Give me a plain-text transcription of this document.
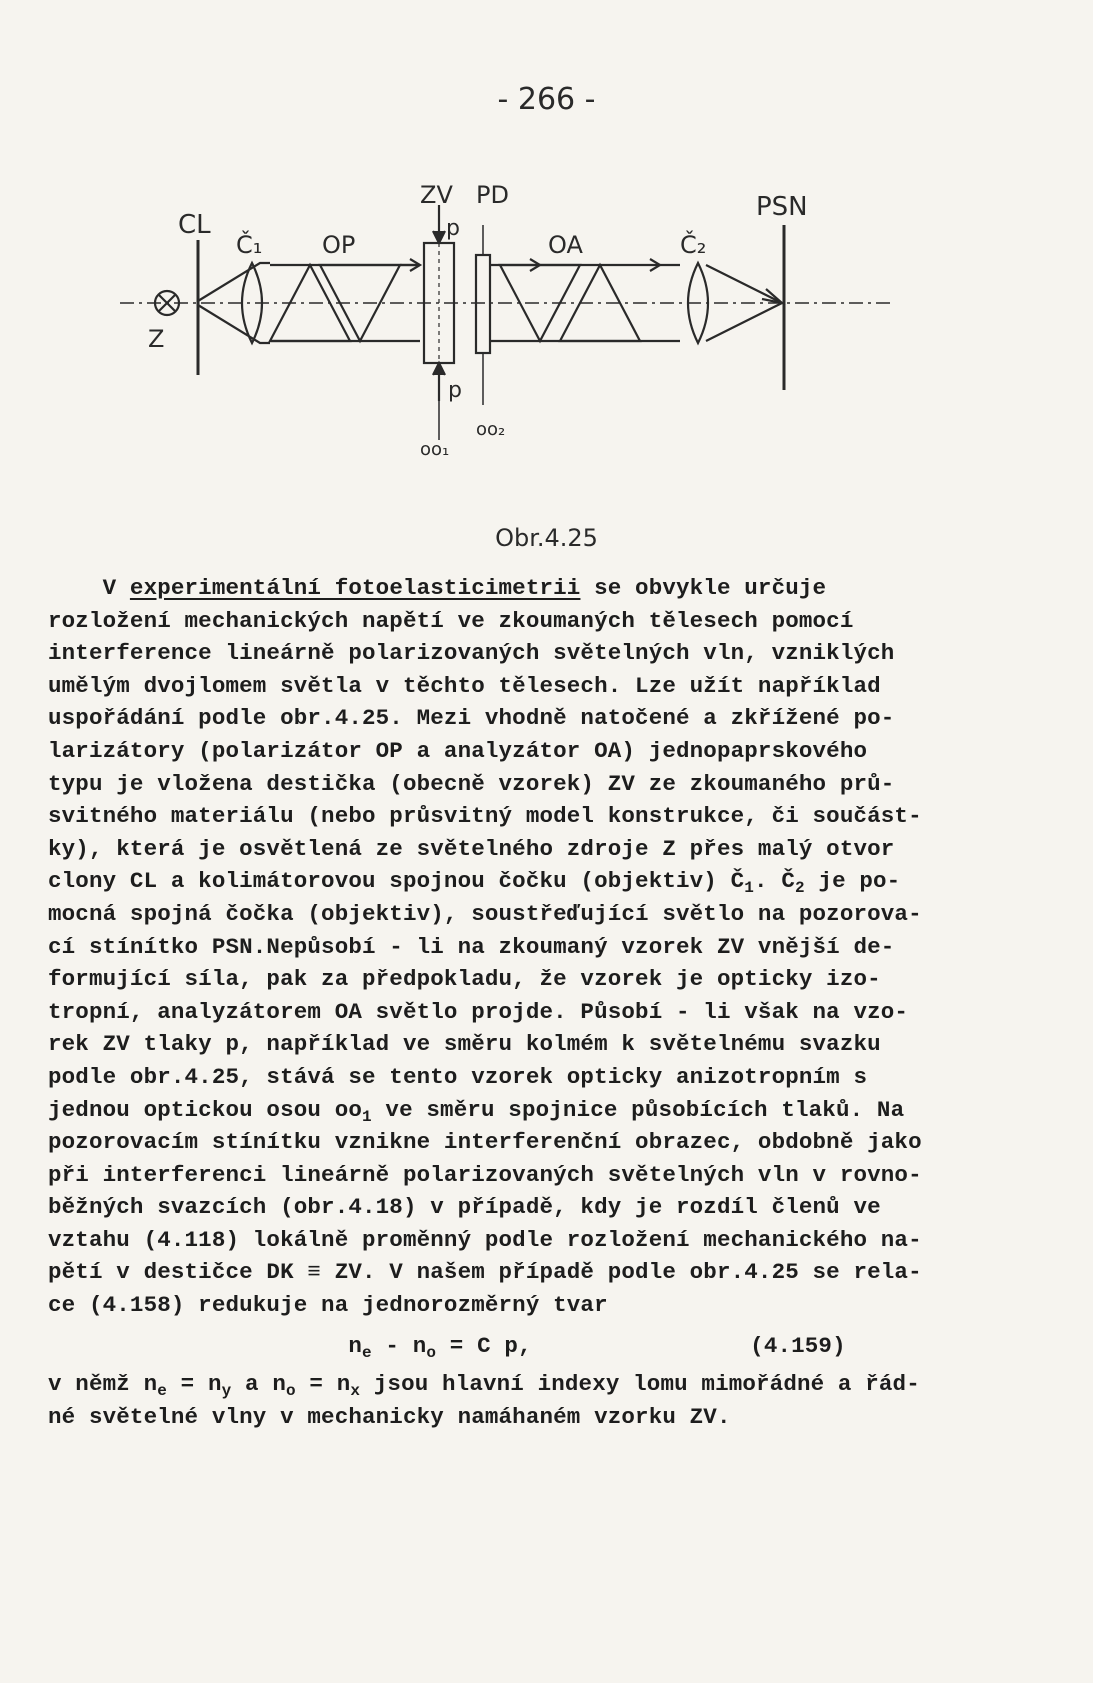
- 266 -
CL
Č₁ OP
ZV PD
p
OA	Č₂
PSN
Z
p
oo₁
oo₂
Obr.4.25
V experimentální fotoelasticimetrii se obvykle určuje
rozložení mechanických napětí ve zkoumaných tělesech pomocí
interference lineárně polarizovaných světelných vln, vzniklých
umělým dvojlomem světla v těchto tělesech. Lze užít například
uspořádání podle obr.4.25. Mezi vhodně natočené a zkřížené po-
larizátory (polarizátor OP a analyzátor OA) jednopaprskového
typu je vložena destička (obecně vzorek) ZV ze zkoumaného prů-
svitného materiálu (nebo průsvitný model konstrukce, či součást-
ky), která je osvětlená ze světelného zdroje Z přes malý otvor
clony CL a kolimátorovou spojnou čočku (objektiv) $Č_1$. $Č_2$ je po-
mocná spojná čočka (objektiv), soustřeďující světlo na pozorova-
cí stínítko PSN.Nepůsobí - li na zkoumaný vzorek ZV vnější de-
formující síla, pak za předpokladu, že vzorek je opticky izo-
tropní, analyzátorem OA světlo projde. Působí - li však na vzo-
rek ZV tlaky p, například ve směru kolmém k světelnému svazku
podle obr.4.25, stává se tento vzorek opticky anizotropním s
jednou optickou osou $oo_1$ ve směru spojnice působících tlaků. Na
pozorovacím stínítku vznikne interferenční obrazec, obdobně jako
při interferenci lineárně polarizovaných světelných vln v rovno-
běžných svazcích (obr.4.18) v případě, kdy je rozdíl členů ve
vztahu (4.118) lokálně proměnný podle rozložení mechanického na-
pětí v destičce DK ≡ ZV. V našem případě podle obr.4.25 se rela-
ce (4.158) redukuje na jednorozměrný tvar
$n_e - n_o = C$ p,	(4.159)
v němž $n_e = n_y$ a $n_o = n_x$ jsou hlavní indexy lomu mimořádné a řád-
né světelné vlny v mechanicky namáhaném vzorku ZV.
